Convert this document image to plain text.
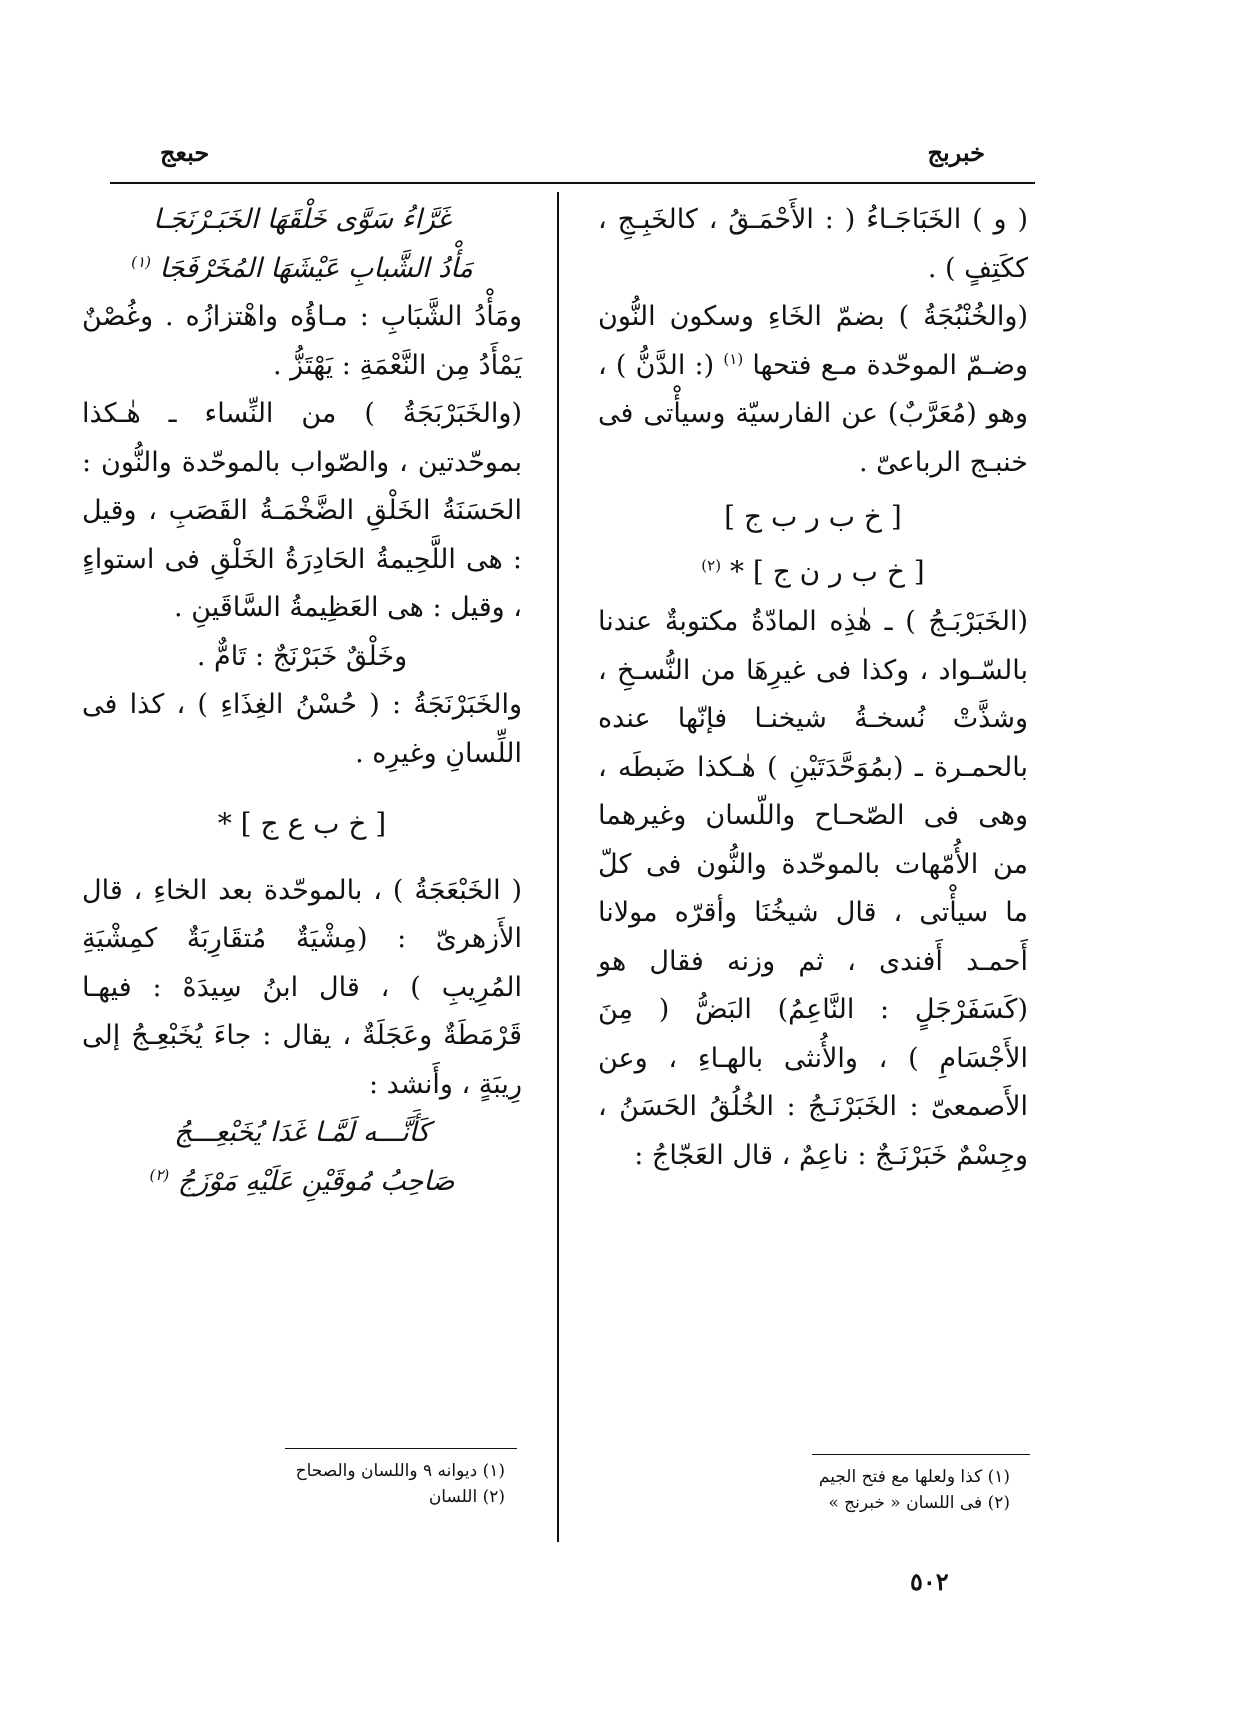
خبربج
حبعج

( و ) الخَبَاجَـاءُ ( : الأَحْمَـقُ ، كالخَبِـجِ ، ككَتِفٍ ) .

(والخُنْبُجَةُ ) بضمّ الخَاءِ وسكون النُّون وضـمّ الموحّدة مـع فتحها $^{(١)}$ (: الدَّنُّ ) ، وهو (مُعَرَّبٌ) عن الفارسيّة وسيأْتى فى خنبـج الرباعىّ .

[ خ ب ر ب ج ]
[ خ ب ر ن ج ] * $^{(٢)}$

(الخَبَرْبَـجُ ) ـ هٰذِه المادّةُ مكتوبةٌ عندنا بالسّـواد ، وكذا فى غيرِهَا من النُّسـخِ ، وشذَّتْ نُسخـةُ شيخنـا فإنّها عنده بالحمـرة ـ (بمُوَحَّدَتَيْنِ ) هٰـكذا ضَبطَه ، وهى فى الصّحـاح واللّسان وغيرهما من الأُمّهات بالموحّدة والنُّون فى كلّ ما سيأْتى ، قال شيخُنَا وأقرّه مولانا أَحمـد أَفندى ، ثم وزنه فقال هو (كَسَفَرْجَلٍ : النَّاعِمُ) البَضُّ ( مِنَ الأَجْسَامِ ) ، والأُنثى بالهـاءِ ، وعن الأَصمعىّ : الخَبَرْنَـجُ : الخُلُقُ الحَسَنُ ، وجِسْمٌ خَبَرْنَـجٌ : ناعِمٌ ، قال العَجّاجُ :

غَرَّاءُ سَوَّى خَلْقَهَا الخَبَـرْنَجَـا

مَأْدُ الشَّبابِ عَيْشَهَا المُخَرْفَجَا $^{(١)}$

ومَأْدُ الشَّبَابِ : مـاؤُه واهْتزازُه . وغُصْنٌ يَمْأَدُ مِن النَّعْمَةِ : يَهْتَزُّ .

(والخَبَرْبَجَةُ ) من النِّساء ـ هٰـكذا بموحّدتين ، والصّواب بالموحّدة والنُّون : الحَسَنَةُ الخَلْقِ الضَّخْمَـةُ القَصَبِ ، وقيل : هى اللَّحِيمةُ الحَادِرَةُ الخَلْقِ فى استواءٍ ، وقيل : هى العَظِيمةُ السَّاقَينِ .

وخَلْقٌ خَبَرْنَجٌ : تَامٌّ .

والخَبَرْنَجَةُ : ( حُسْنُ الغِذَاءِ ) ، كذا فى اللِّسانِ وغيرِه .

[ خ ب ع ج ] *

( الخَبْعَجَةُ ) ، بالموحّدة بعد الخاءِ ، قال الأَزهرىّ : (مِشْيَةٌ مُتقَارِبَةٌ كمِشْيَةِ المُرِيبِ ) ، قال ابنُ سِيدَهْ : فيهـا قَرْمَطَةٌ وعَجَلَةٌ ، يقال : جاءَ يُخَبْعِـجُ إلى رِيبَةٍ ، وأَنشد :

كَأَنَّـــه لَمَّـا غَدَا يُخَبْعِـــجُ

صَاحِبُ مُوقَيْنِ عَلَيْهِ مَوْزَجُ $^{(٢)}$

(١) كذا ولعلها مع فتح الجيم
(٢) فى اللسان « خبرنج »
(١) ديوانه ٩ واللسان والصحاح
(٢) اللسان
٥٠٢
